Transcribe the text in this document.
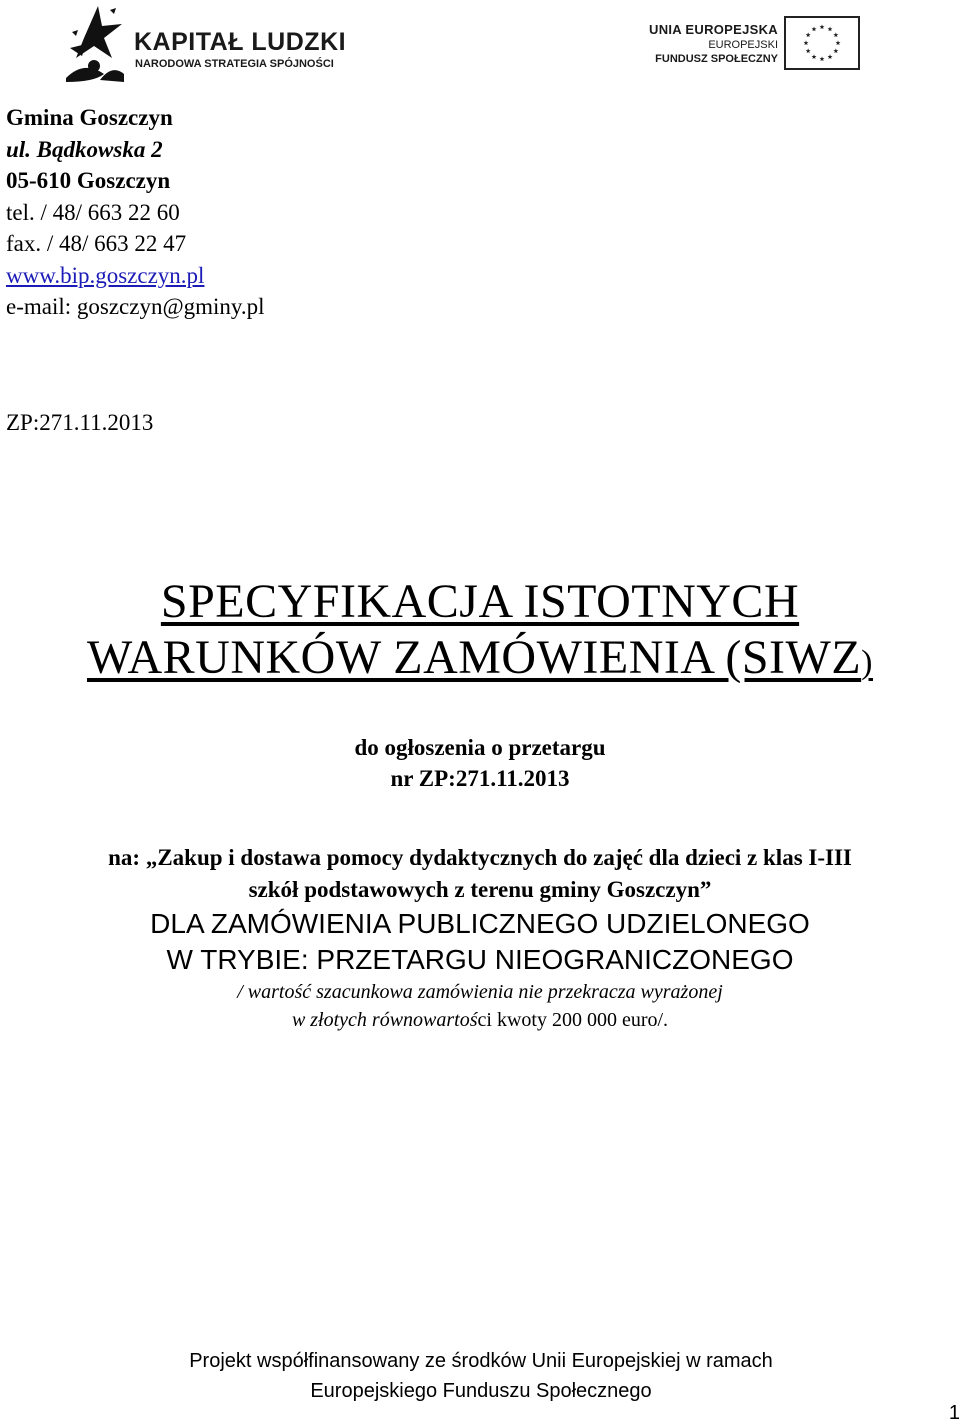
KAPITAŁ LUDZKI
NARODOWA STRATEGIA SPÓJNOŚCI
UNIA EUROPEJSKA
EUROPEJSKI
FUNDUSZ SPOŁECZNY
Gmina Goszczyn
ul. Bądkowska 2
05-610 Goszczyn
tel. / 48/ 663 22 60
fax. / 48/ 663 22 47
www.bip.goszczyn.pl
e-mail: goszczyn@gminy.pl
ZP:271.11.2013
SPECYFIKACJA ISTOTNYCH
WARUNKÓW ZAMÓWIENIA (SIWZ)
do ogłoszenia o przetargu
nr ZP:271.11.2013
na: „Zakup i dostawa pomocy dydaktycznych do zajęć dla dzieci z klas I-III
szkół podstawowych z terenu gminy Goszczyn”
DLA ZAMÓWIENIA PUBLICZNEGO UDZIELONEGO
W TRYBIE: PRZETARGU NIEOGRANICZONEGO
/ wartość szacunkowa zamówienia nie przekracza wyrażonej
w złotych równowartości kwoty 200 000 euro/.
Projekt współfinansowany ze środków Unii Europejskiej w ramach
Europejskiego Funduszu Społecznego
1
